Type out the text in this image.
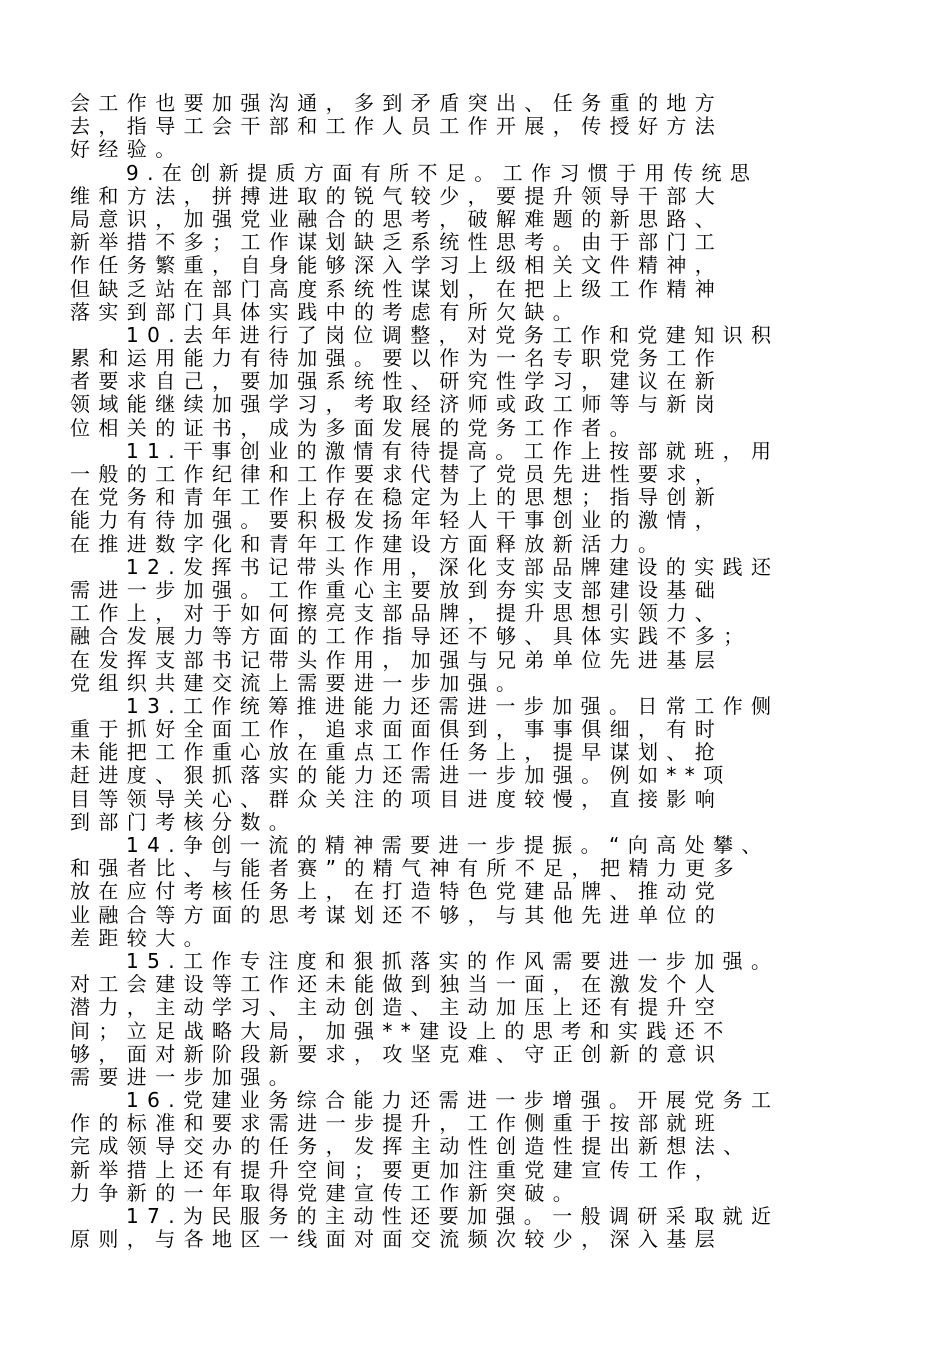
会工作也要加强沟通，多到矛盾突出、任务重的地方
去，指导工会干部和工作人员工作开展，传授好方法
好经验。
9.在创新提质方面有所不足。工作习惯于用传统思
维和方法，拼搏进取的锐气较少，要提升领导干部大
局意识，加强党业融合的思考，破解难题的新思路、
新举措不多；工作谋划缺乏系统性思考。由于部门工
作任务繁重，自身能够深入学习上级相关文件精神，
但缺乏站在部门高度系统性谋划，在把上级工作精神
落实到部门具体实践中的考虑有所欠缺。
10.去年进行了岗位调整，对党务工作和党建知识积
累和运用能力有待加强。要以作为一名专职党务工作
者要求自己，要加强系统性、研究性学习，建议在新
领域能继续加强学习，考取经济师或政工师等与新岗
位相关的证书，成为多面发展的党务工作者。
11.干事创业的激情有待提高。工作上按部就班，用
一般的工作纪律和工作要求代替了党员先进性要求，
在党务和青年工作上存在稳定为上的思想；指导创新
能力有待加强。要积极发扬年轻人干事创业的激情，
在推进数字化和青年工作建设方面释放新活力。
12.发挥书记带头作用，深化支部品牌建设的实践还
需进一步加强。工作重心主要放到夯实支部建设基础
工作上，对于如何擦亮支部品牌，提升思想引领力、
融合发展力等方面的工作指导还不够、具体实践不多；
在发挥支部书记带头作用，加强与兄弟单位先进基层
党组织共建交流上需要进一步加强。
13.工作统筹推进能力还需进一步加强。日常工作侧
重于抓好全面工作，追求面面俱到，事事俱细，有时
未能把工作重心放在重点工作任务上，提早谋划、抢
赶进度、狠抓落实的能力还需进一步加强。例如**项
目等领导关心、群众关注的项目进度较慢，直接影响
到部门考核分数。
14.争创一流的精神需要进一步提振。“向高处攀、
和强者比、与能者赛”的精气神有所不足，把精力更多
放在应付考核任务上，在打造特色党建品牌、推动党
业融合等方面的思考谋划还不够，与其他先进单位的
差距较大。
15.工作专注度和狠抓落实的作风需要进一步加强。
对工会建设等工作还未能做到独当一面，在激发个人
潜力，主动学习、主动创造、主动加压上还有提升空
间；立足战略大局，加强**建设上的思考和实践还不
够，面对新阶段新要求，攻坚克难、守正创新的意识
需要进一步加强。
16.党建业务综合能力还需进一步增强。开展党务工
作的标准和要求需进一步提升，工作侧重于按部就班
完成领导交办的任务，发挥主动性创造性提出新想法、
新举措上还有提升空间；要更加注重党建宣传工作，
力争新的一年取得党建宣传工作新突破。
17.为民服务的主动性还要加强。一般调研采取就近
原则，与各地区一线面对面交流频次较少，深入基层
